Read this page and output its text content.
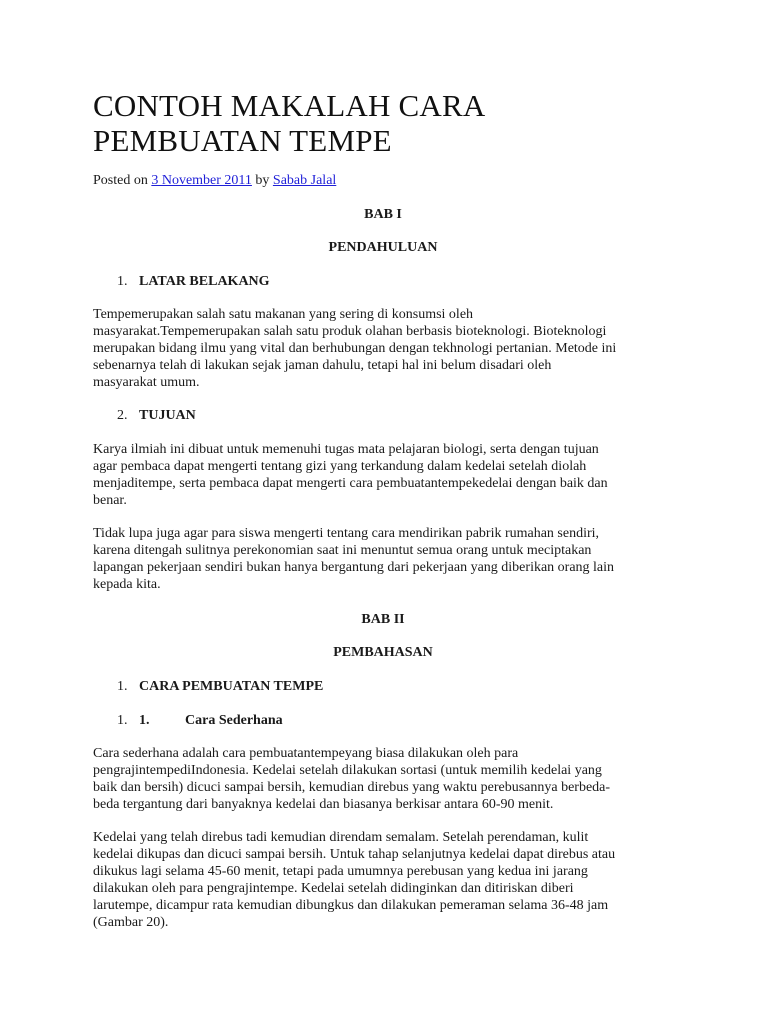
CONTOH MAKALAH CARA PEMBUATAN TEMPE
Posted on 3 November 2011 by Sabab Jalal
BAB I
PENDAHULUAN
1. LATAR BELAKANG
Tempemerupakan salah satu makanan yang sering di konsumsi oleh
masyarakat.Tempemerupakan salah satu produk olahan berbasis bioteknologi. Bioteknologi
merupakan bidang ilmu yang vital dan berhubungan dengan tekhnologi pertanian. Metode ini
sebenarnya telah di lakukan sejak jaman dahulu, tetapi hal ini belum disadari oleh
masyarakat umum.
2. TUJUAN
Karya ilmiah ini dibuat untuk memenuhi tugas mata pelajaran biologi, serta dengan tujuan
agar pembaca dapat mengerti tentang gizi yang terkandung dalam kedelai setelah diolah
menjaditempe, serta pembaca dapat mengerti cara pembuatantempekedelai dengan baik dan
benar.
Tidak lupa juga agar para siswa mengerti tentang cara mendirikan pabrik rumahan sendiri,
karena ditengah sulitnya perekonomian saat ini menuntut semua orang untuk meciptakan
lapangan pekerjaan sendiri bukan hanya bergantung dari pekerjaan yang diberikan orang lain
kepada kita.
BAB II
PEMBAHASAN
1. CARA PEMBUATAN TEMPE
1. 1.	Cara Sederhana
Cara sederhana adalah cara pembuatantempeyang biasa dilakukan oleh para
pengrajintempediIndonesia. Kedelai setelah dilakukan sortasi (untuk memilih kedelai yang
baik dan bersih) dicuci sampai bersih, kemudian direbus yang waktu perebusannya berbeda-
beda tergantung dari banyaknya kedelai dan biasanya berkisar antara 60-90 menit.
Kedelai yang telah direbus tadi kemudian direndam semalam. Setelah perendaman, kulit
kedelai dikupas dan dicuci sampai bersih. Untuk tahap selanjutnya kedelai dapat direbus atau
dikukus lagi selama 45-60 menit, tetapi pada umumnya perebusan yang kedua ini jarang
dilakukan oleh para pengrajintempe. Kedelai setelah didinginkan dan ditiriskan diberi
larutempe, dicampur rata kemudian dibungkus dan dilakukan pemeraman selama 36-48 jam
(Gambar 20).
